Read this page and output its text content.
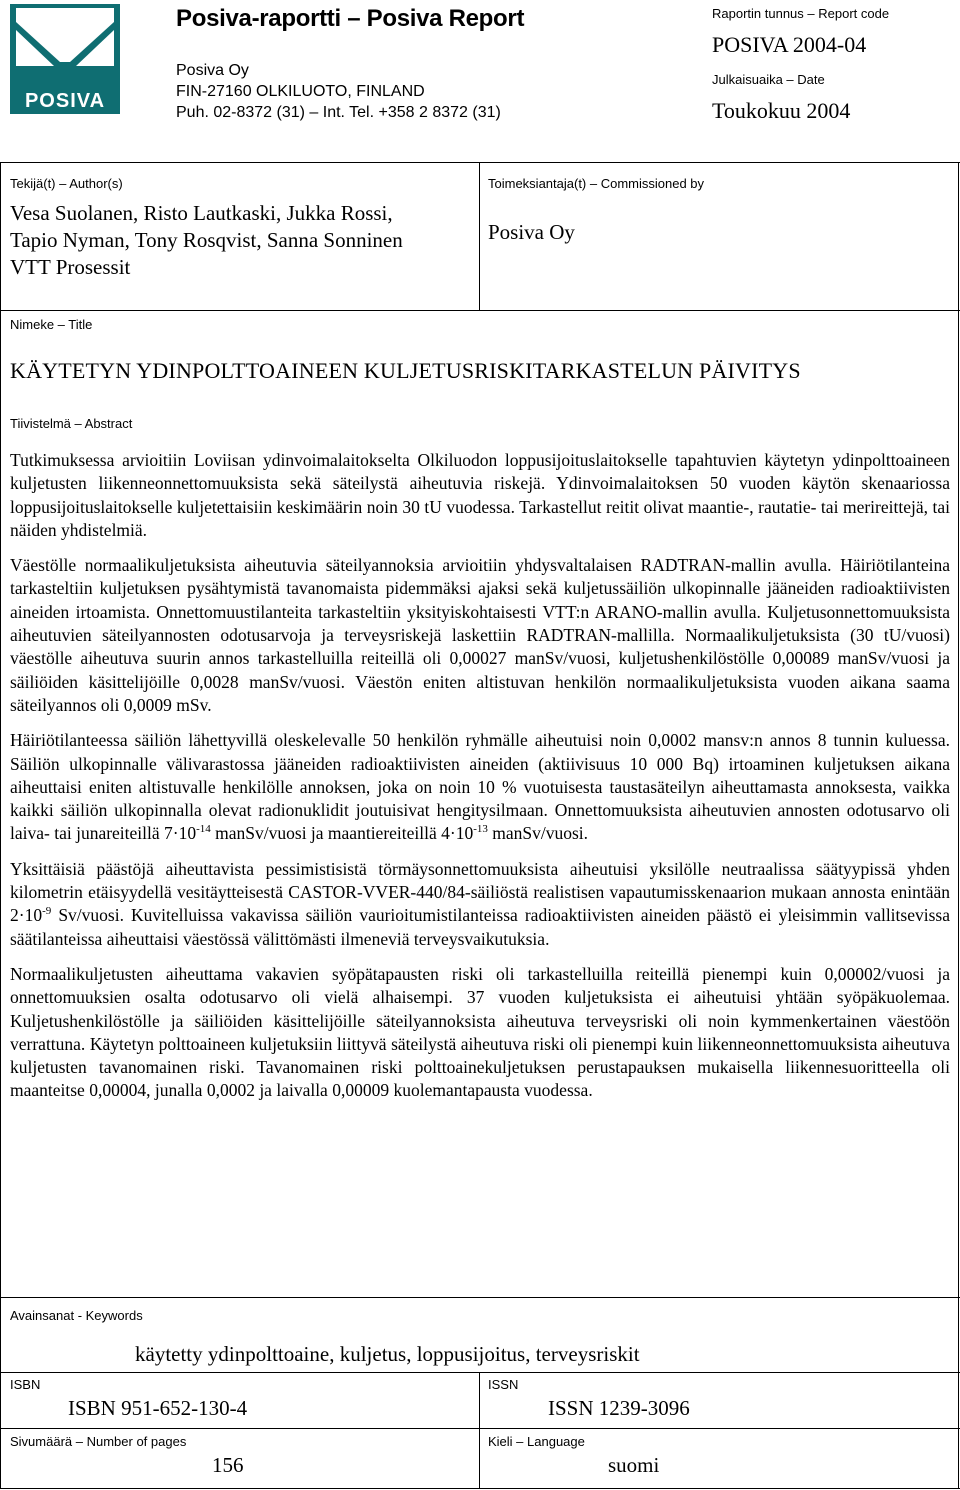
POSIVA
Posiva-raportti – Posiva Report
Posiva Oy
FIN-27160 OLKILUOTO, FINLAND
Puh. 02-8372 (31) – Int. Tel. +358 2 8372 (31)
Raportin tunnus – Report code
POSIVA 2004-04
Julkaisuaika – Date
Toukokuu 2004
Tekijä(t) – Author(s)
Vesa Suolanen, Risto Lautkaski, Jukka Rossi,
Tapio Nyman, Tony Rosqvist, Sanna Sonninen
VTT Prosessit
Toimeksiantaja(t) – Commissioned by
Posiva Oy
Nimeke – Title
KÄYTETYN YDINPOLTTOAINEEN KULJETUSRISKITARKASTELUN PÄIVITYS
Tiivistelmä – Abstract

Tutkimuksessa arvioitiin Loviisan ydinvoimalaitokselta Olkiluodon loppusijoituslaitokselle tapahtuvien käytetyn ydinpolttoaineen kuljetusten liikenneonnettomuuksista sekä säteilystä aiheutuvia riskejä. Ydinvoimalaitoksen 50 vuoden käytön skenaariossa loppusijoituslaitokselle kuljetettaisiin keskimäärin noin 30 tU vuodessa. Tarkastellut reitit olivat maantie-, rautatie- tai merireittejä, tai näiden yhdistelmiä.

Väestölle normaalikuljetuksista aiheutuvia säteilyannoksia arvioitiin yhdysvaltalaisen RADTRAN-mallin avulla. Häiriötilanteina tarkasteltiin kuljetuksen pysähtymistä tavanomaista pidemmäksi ajaksi sekä kuljetussäiliön ulkopinnalle jääneiden radioaktiivisten aineiden irtoamista. Onnettomuustilanteita tarkasteltiin yksityiskohtaisesti VTT:n ARANO-mallin avulla. Kuljetusonnettomuuksista aiheutuvien säteilyannosten odotusarvoja ja terveysriskejä laskettiin RADTRAN-mallilla. Normaalikuljetuksista (30 tU/vuosi) väestölle aiheutuva suurin annos tarkastelluilla reiteillä oli 0,00027 manSv/vuosi, kuljetushenkilöstölle 0,00089 manSv/vuosi ja säiliöiden käsittelijöille 0,0028 manSv/vuosi. Väestön eniten altistuvan henkilön normaalikuljetuksista vuoden aikana saama säteilyannos oli 0,0009 mSv.

Häiriötilanteessa säiliön lähettyvillä oleskelevalle 50 henkilön ryhmälle aiheutuisi noin 0,0002 mansv:n annos 8 tunnin kuluessa. Säiliön ulkopinnalle välivarastossa jääneiden radioaktiivisten aineiden (aktiivisuus 10 000 Bq) irtoaminen kuljetuksen aikana aiheuttaisi eniten altistuvalle henkilölle annoksen, joka on noin 10 % vuotuisesta taustasäteilyn aiheuttamasta annoksesta, vaikka kaikki säiliön ulkopinnalla olevat radionuklidit joutuisivat hengitysilmaan. Onnettomuuksista aiheutuvien annosten odotusarvo oli laiva- tai junareiteillä $7\cdot 10^{-14}$ manSv/vuosi ja maantiereiteillä $4\cdot 10^{-13}$ manSv/vuosi.

Yksittäisiä päästöjä aiheuttavista pessimistisistä törmäysonnettomuuksista aiheutuisi yksilölle neutraalissa säätyypissä yhden kilometrin etäisyydellä vesitäytteisestä CASTOR-VVER-440/84-säiliöstä realistisen vapautumisskenaarion mukaan annosta enintään $2\cdot 10^{-9}$ Sv/vuosi. Kuvitelluissa vakavissa säiliön vaurioitumistilanteissa radioaktiivisten aineiden päästö ei yleisimmin vallitsevissa säätilanteissa aiheuttaisi väestössä välittömästi ilmeneviä terveysvaikutuksia.

Normaalikuljetusten aiheuttama vakavien syöpätapausten riski oli tarkastelluilla reiteillä pienempi kuin 0,00002/vuosi ja onnettomuuksien osalta odotusarvo oli vielä alhaisempi. 37 vuoden kuljetuksista ei aiheutuisi yhtään syöpäkuolemaa. Kuljetushenkilöstölle ja säiliöiden käsittelijöille säteilyannoksista aiheutuva terveysriski oli noin kymmenkertainen väestöön verrattuna. Käytetyn polttoaineen kuljetuksiin liittyvä säteilystä aiheutuva riski oli pienempi kuin liikenneonnettomuuksista aiheutuva kuljetusten tavanomainen riski. Tavanomainen riski polttoainekuljetuksen perustapauksen mukaisella liikennesuoritteella oli maanteitse 0,00004, junalla 0,0002 ja laivalla 0,00009 kuolemantapausta vuodessa.

Avainsanat - Keywords
käytetty ydinpolttoaine, kuljetus, loppusijoitus, terveysriskit
ISBN
ISBN 951-652-130-4
ISSN
ISSN 1239-3096
Sivumäärä – Number of pages
156
Kieli – Language
suomi
